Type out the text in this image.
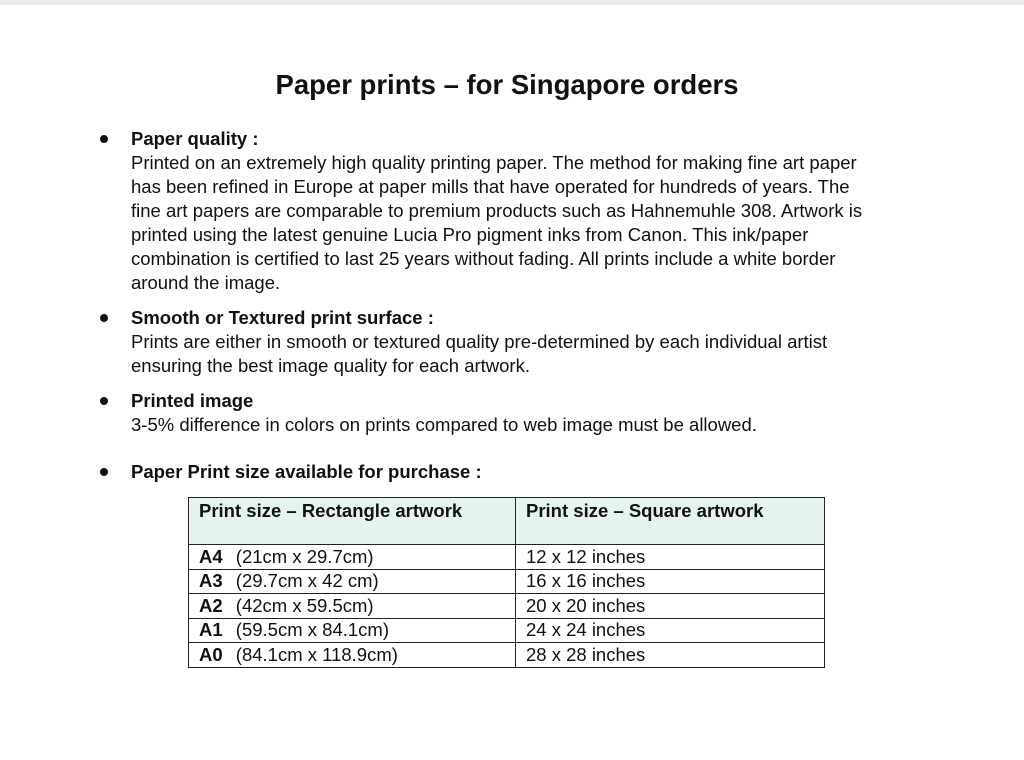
Paper prints – for Singapore orders
Paper quality :
Printed on an extremely high quality printing paper. The method for making fine art paper
has been refined in Europe at paper mills that have operated for hundreds of years. The
fine art papers are comparable to premium products such as Hahnemuhle 308. Artwork is
printed using the latest genuine Lucia Pro pigment inks from Canon. This ink/paper
combination is certified to last 25 years without fading. All prints include a white border
around the image.
Smooth or Textured print surface :
Prints are either in smooth or textured quality pre-determined by each individual artist
ensuring the best image quality for each artwork.
Printed image
3-5% difference in colors on prints compared to web image must be allowed.
Paper Print size available for purchase :
Print size – Rectangle artwork	Print size – Square artwork
A4 (21cm x 29.7cm)	12 x 12 inches
A3 (29.7cm x 42 cm)	16 x 16 inches
A2 (42cm x 59.5cm)	20 x 20 inches
A1 (59.5cm x 84.1cm)	24 x 24 inches
A0 (84.1cm x 118.9cm)	28 x 28 inches
